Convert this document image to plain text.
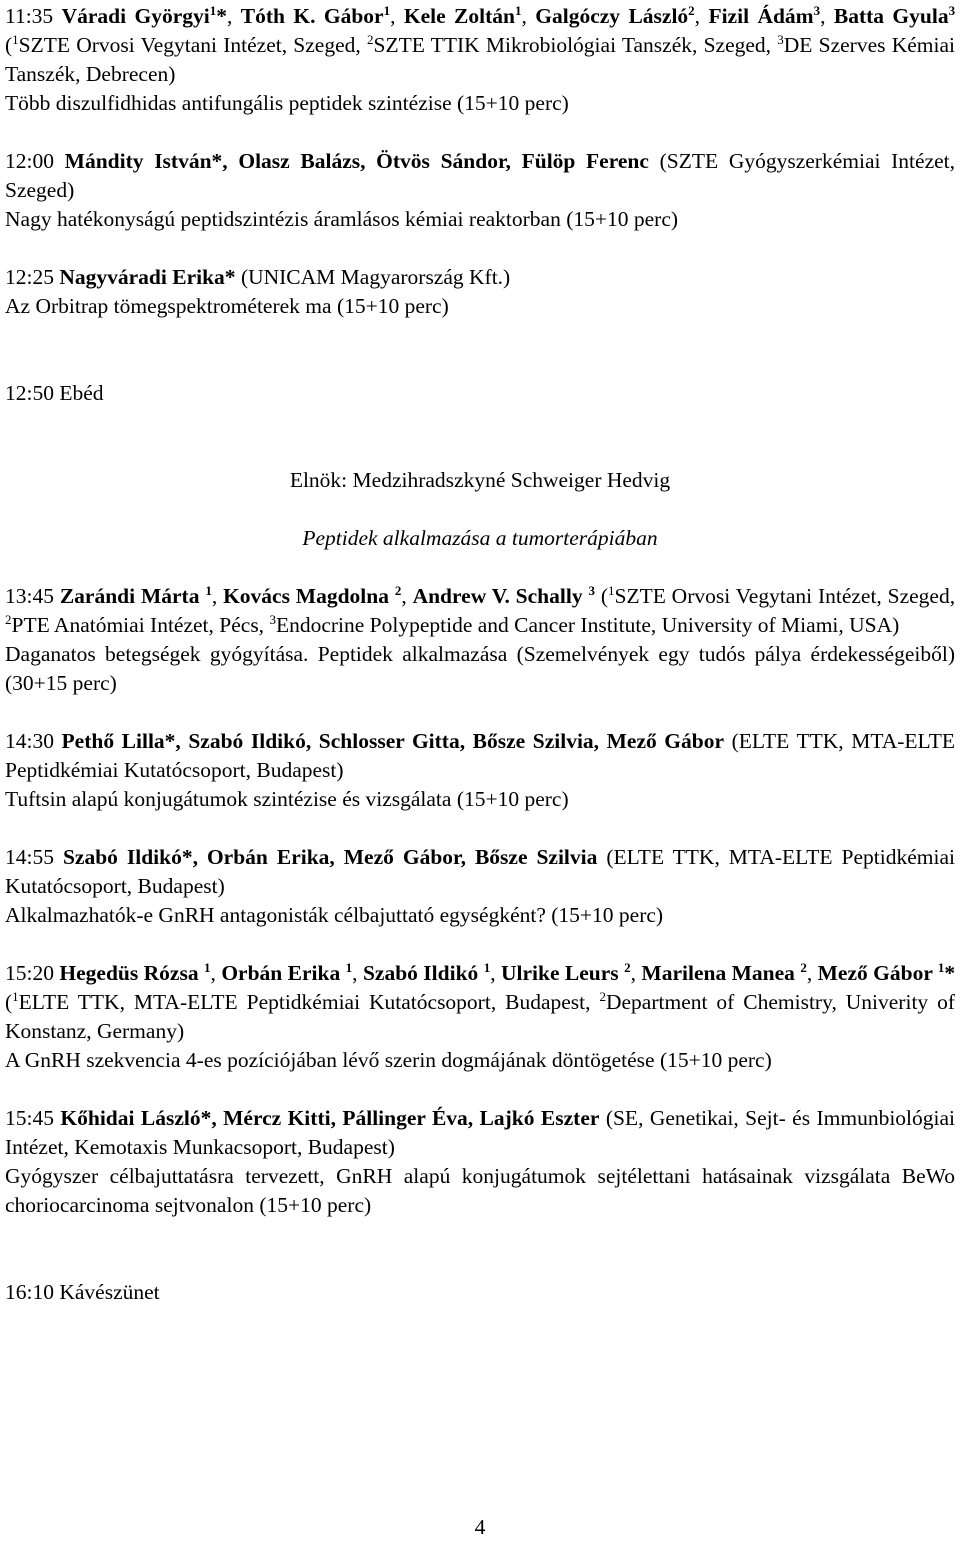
11:35 Váradi Györgyi$^1$*, Tóth K. Gábor$^1$, Kele Zoltán$^1$, Galgóczy László$^2$, Fizil Ádám$^3$, Batta Gyula$^3$ ($^1$SZTE Orvosi Vegytani Intézet, Szeged, $^2$SZTE TTIK Mikrobiológiai Tanszék, Szeged, $^3$DE Szerves Kémiai Tanszék, Debrecen)

Több diszulfidhidas antifungális peptidek szintézise (15+10 perc)

12:00 Mándity István*, Olasz Balázs, Ötvös Sándor, Fülöp Ferenc (SZTE Gyógyszerkémiai Intézet, Szeged)

Nagy hatékonyságú peptidszintézis áramlásos kémiai reaktorban (15+10 perc)

12:25 Nagyváradi Erika* (UNICAM Magyarország Kft.)

Az Orbitrap tömegspektrométerek ma (15+10 perc)

12:50 Ebéd

Elnök: Medzihradszkyné Schweiger Hedvig

Peptidek alkalmazása a tumorterápiában

13:45 Zarándi Márta $^1$, Kovács Magdolna $^2$, Andrew V. Schally $^3$ ($^1$SZTE Orvosi Vegytani Intézet, Szeged, $^2$PTE Anatómiai Intézet, Pécs, $^3$Endocrine Polypeptide and Cancer Institute, University of Miami, USA)

Daganatos betegségek gyógyítása. Peptidek alkalmazása (Szemelvények egy tudós pálya érdekességeiből) (30+15 perc)

14:30 Pethő Lilla*, Szabó Ildikó, Schlosser Gitta, Bősze Szilvia, Mező Gábor (ELTE TTK, MTA-ELTE Peptidkémiai Kutatócsoport, Budapest)

Tuftsin alapú konjugátumok szintézise és vizsgálata (15+10 perc)

14:55 Szabó Ildikó*, Orbán Erika, Mező Gábor, Bősze Szilvia (ELTE TTK, MTA-ELTE Peptidkémiai Kutatócsoport, Budapest)

Alkalmazhatók-e GnRH antagonisták célbajuttató egységként? (15+10 perc)

15:20 Hegedüs Rózsa $^1$, Orbán Erika $^1$, Szabó Ildikó $^1$, Ulrike Leurs $^2$, Marilena Manea $^2$, Mező Gábor $^1$* ($^1$ELTE TTK, MTA-ELTE Peptidkémiai Kutatócsoport, Budapest, $^2$Department of Chemistry, Univerity of Konstanz, Germany)

A GnRH szekvencia 4-es pozíciójában lévő szerin dogmájának döntögetése (15+10 perc)

15:45 Kőhidai László*, Mércz Kitti, Pállinger Éva, Lajkó Eszter (SE, Genetikai, Sejt- és Immunbiológiai Intézet, Kemotaxis Munkacsoport, Budapest)

Gyógyszer célbajuttatásra tervezett, GnRH alapú konjugátumok sejtélettani hatásainak vizsgálata BeWo choriocarcinoma sejtvonalon (15+10 perc)

16:10 Kávészünet

4
